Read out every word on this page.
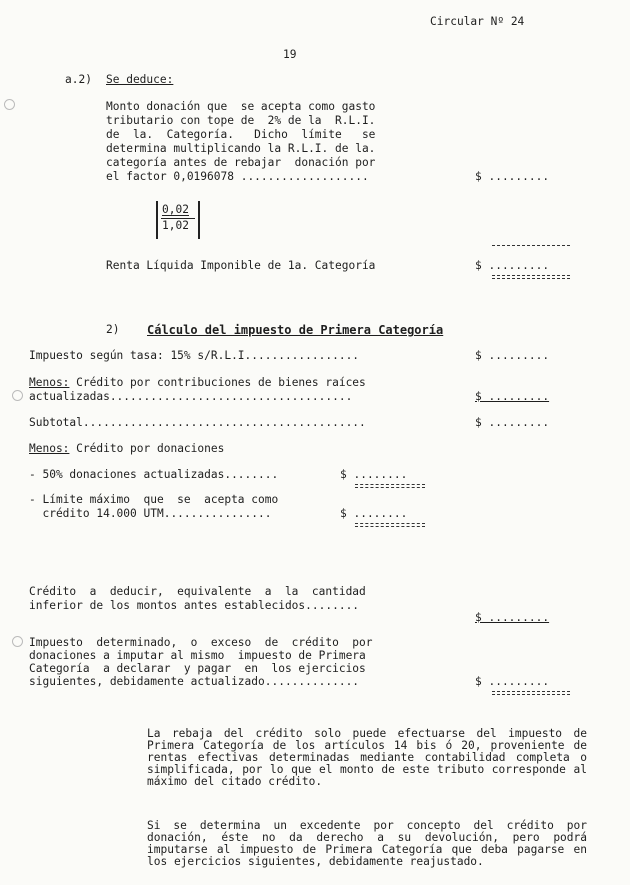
Circular Nº 24
19
a.2) Se deduce:
Monto donación que  se acepta como gasto
tributario con tope de  2% de la  R.L.I.
de  la.  Categoría.   Dicho  límite   se
determina multiplicando la R.L.I. de la.
categoría antes de rebajar  donación por
el factor 0,0196078 ...................	$ .........
0,02
1,02
Renta Líquida Imponible de 1a. Categoría	$ .........
2) Cálculo del impuesto de Primera Categoría
Impuesto según tasa: 15% s/R.L.I.................	$ .........
Menos: Crédito por contribuciones de bienes raíces
actualizadas....................................	$ .........
Subtotal..........................................	$ .........
Menos: Crédito por donaciones
- 50% donaciones actualizadas........	$ ........
- Límite máximo  que  se  acepta como
crédito 14.000 UTM................	$ ........
Crédito  a  deducir,  equivalente  a  la  cantidad
inferior de los montos antes establecidos........
$ .........
Impuesto  determinado,  o  exceso  de  crédito  por
donaciones a imputar al mismo  impuesto de Primera
Categoría  a declarar  y pagar  en  los ejercicios
siguientes, debidamente actualizado..............	$ .........
La rebaja del crédito solo puede efectuarse del impuesto de Primera Categoría de los artículos 14 bis ó 20, proveniente de rentas efectivas determinadas mediante contabilidad completa o simplificada, por lo que el monto de este tributo corresponde al máximo del citado crédito.
Si se determina un excedente por concepto del crédito por donación, éste no da derecho a su devolución, pero podrá imputarse al impuesto de Primera Categoría que deba pagarse en los ejercicios siguientes, debidamente reajustado.
